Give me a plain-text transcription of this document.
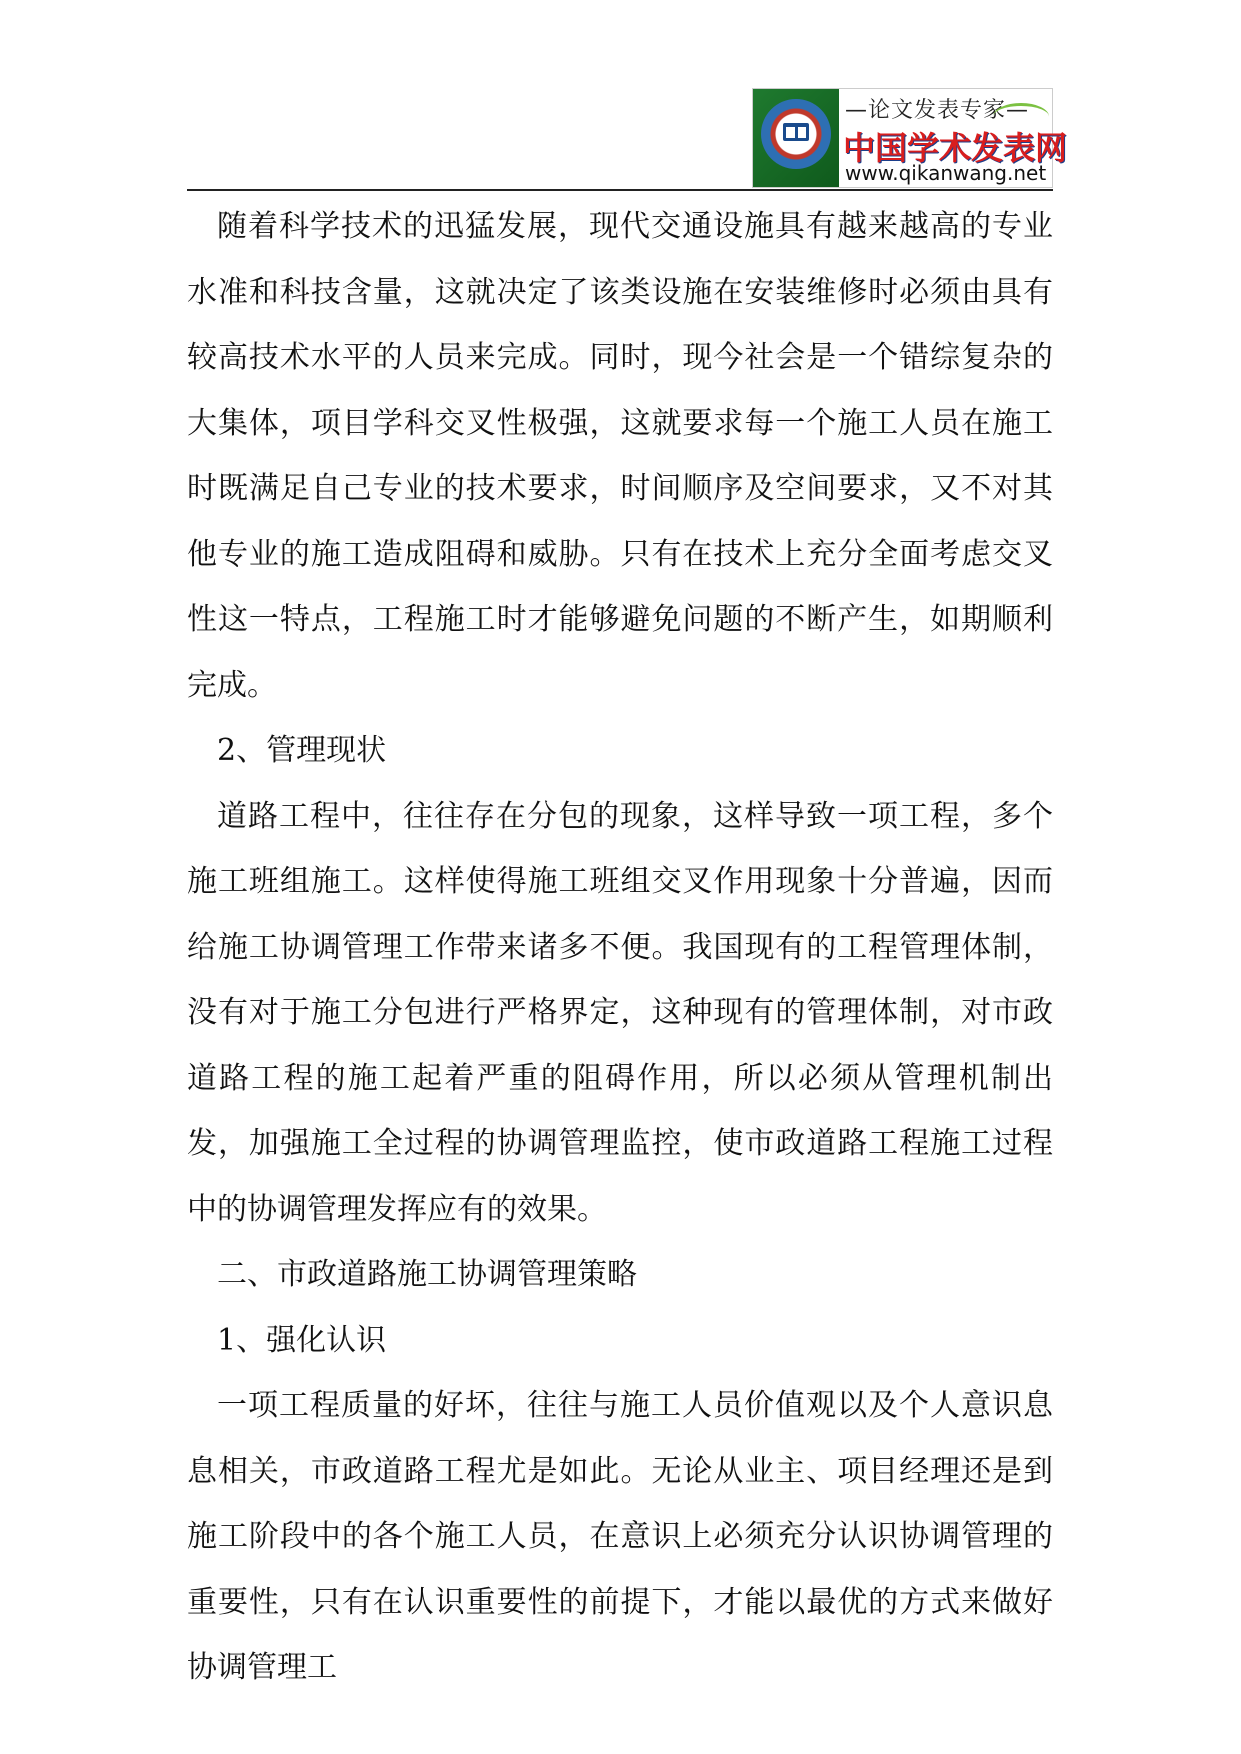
—论文发表专家—
中国学术发表网
www.qikanwang.net

随着科学技术的迅猛发展，现代交通设施具有越来越高的专业水准和科技含量，这就决定了该类设施在安装维修时必须由具有较高技术水平的人员来完成。同时，现今社会是一个错综复杂的大集体，项目学科交叉性极强，这就要求每一个施工人员在施工时既满足自己专业的技术要求，时间顺序及空间要求，又不对其他专业的施工造成阻碍和威胁。只有在技术上充分全面考虑交叉性这一特点，工程施工时才能够避免问题的不断产生，如期顺利完成。

2、管理现状

道路工程中，往往存在分包的现象，这样导致一项工程，多个施工班组施工。这样使得施工班组交叉作用现象十分普遍，因而给施工协调管理工作带来诸多不便。我国现有的工程管理体制，没有对于施工分包进行严格界定，这种现有的管理体制，对市政道路工程的施工起着严重的阻碍作用，所以必须从管理机制出发，加强施工全过程的协调管理监控，使市政道路工程施工过程中的协调管理发挥应有的效果。

二、市政道路施工协调管理策略

1、强化认识

一项工程质量的好坏，往往与施工人员价值观以及个人意识息息相关，市政道路工程尤是如此。无论从业主、项目经理还是到施工阶段中的各个施工人员，在意识上必须充分认识协调管理的重要性，只有在认识重要性的前提下，才能以最优的方式来做好协调管理工
